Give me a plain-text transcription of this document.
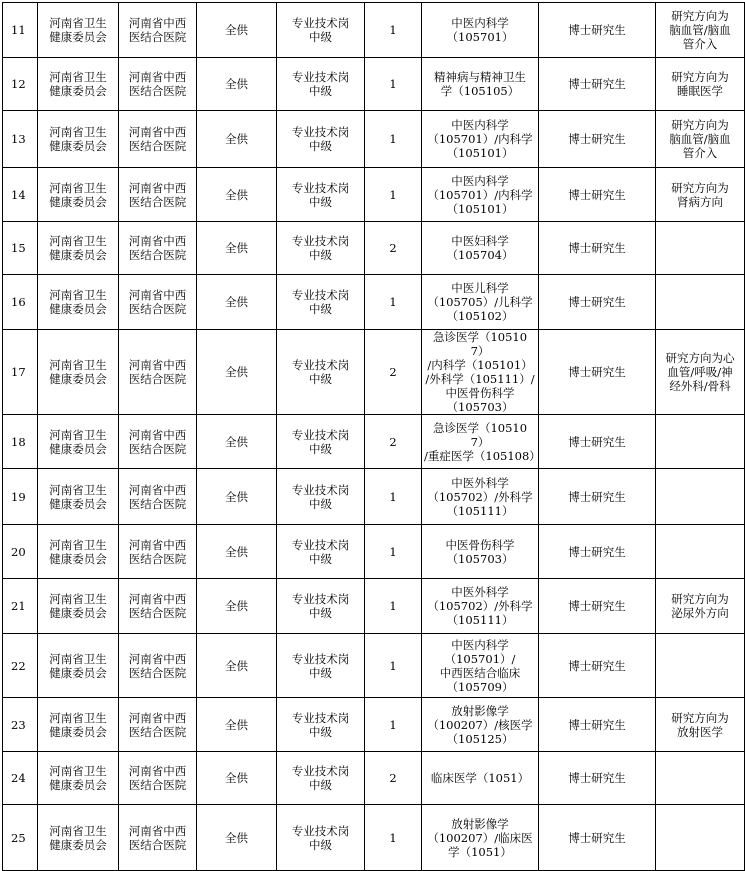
11	河南省卫生
健康委员会	河南省中西
医结合医院	全供	专业技术岗
中级	1	中医内科学
（105701）	博士研究生	研究方向为
脑血管/脑血
管介入
12	河南省卫生
健康委员会	河南省中西
医结合医院	全供	专业技术岗
中级	1	精神病与精神卫生
学（105105）	博士研究生	研究方向为
睡眠医学
13	河南省卫生
健康委员会	河南省中西
医结合医院	全供	专业技术岗
中级	1	中医内科学
（105701）/内科学
（105101）	博士研究生	研究方向为
脑血管/脑血
管介入
14	河南省卫生
健康委员会	河南省中西
医结合医院	全供	专业技术岗
中级	1	中医内科学
（105701）/内科学
（105101）	博士研究生	研究方向为
肾病方向
15	河南省卫生
健康委员会	河南省中西
医结合医院	全供	专业技术岗
中级	2	中医妇科学
（105704）	博士研究生	
16	河南省卫生
健康委员会	河南省中西
医结合医院	全供	专业技术岗
中级	1	中医儿科学
（105705）/儿科学
（105102）	博士研究生	
17	河南省卫生
健康委员会	河南省中西
医结合医院	全供	专业技术岗
中级	2	急诊医学（105107）
/内科学（105101）
/外科学（105111）/
中医骨伤科学
（105703）	博士研究生	研究方向为心
血管/呼吸/神
经外科/骨科
18	河南省卫生
健康委员会	河南省中西
医结合医院	全供	专业技术岗
中级	2	急诊医学（105107）
/重症医学（105108）	博士研究生	
19	河南省卫生
健康委员会	河南省中西
医结合医院	全供	专业技术岗
中级	1	中医外科学
（105702）/外科学
（105111）	博士研究生	
20	河南省卫生
健康委员会	河南省中西
医结合医院	全供	专业技术岗
中级	1	中医骨伤科学
（105703）	博士研究生	
21	河南省卫生
健康委员会	河南省中西
医结合医院	全供	专业技术岗
中级	1	中医外科学
（105702）/外科学
（105111）	博士研究生	研究方向为
泌尿外方向
22	河南省卫生
健康委员会	河南省中西
医结合医院	全供	专业技术岗
中级	1	中医内科学
（105701）/
中西医结合临床
（105709）	博士研究生	
23	河南省卫生
健康委员会	河南省中西
医结合医院	全供	专业技术岗
中级	1	放射影像学
（100207）/核医学
（105125）	博士研究生	研究方向为
放射医学
24	河南省卫生
健康委员会	河南省中西
医结合医院	全供	专业技术岗
中级	2	临床医学（1051）	博士研究生	
25	河南省卫生
健康委员会	河南省中西
医结合医院	全供	专业技术岗
中级	1	放射影像学
（100207）/临床医
学（1051）	博士研究生	
